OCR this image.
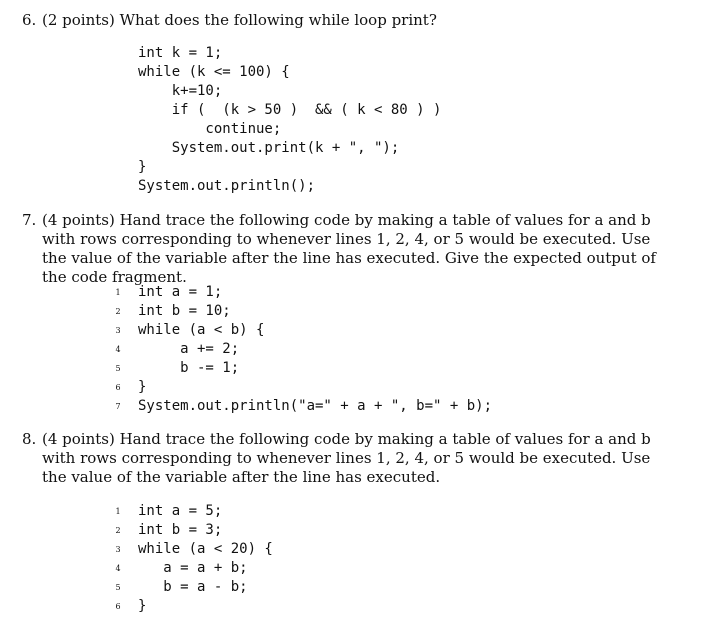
6. (2 points) What does the following while loop print?
int k = 1;
while (k <= 100) {
k+=10;
if (  (k > 50 )  && ( k < 80 ) )
continue;
System.out.print(k + ", ");
}
System.out.println();
7. (4 points) Hand trace the following code by making a table of values for a and b with rows corresponding to whenever lines 1, 2, 4, or 5 would be executed. Use the value of the variable after the line has executed. Give the expected output of the code fragment.
1
2
3
4
5
6
7
int a = 1;
int b = 10;
while (a < b) {
a += 2;
b -= 1;
}
System.out.println("a=" + a + ", b=" + b);
8. (4 points) Hand trace the following code by making a table of values for a and b with rows corresponding to whenever lines 1, 2, 4, or 5 would be executed. Use the value of the variable after the line has executed.
1
2
3
4
5
6
int a = 5;
int b = 3;
while (a < 20) {
a = a + b;
b = a - b;
}
